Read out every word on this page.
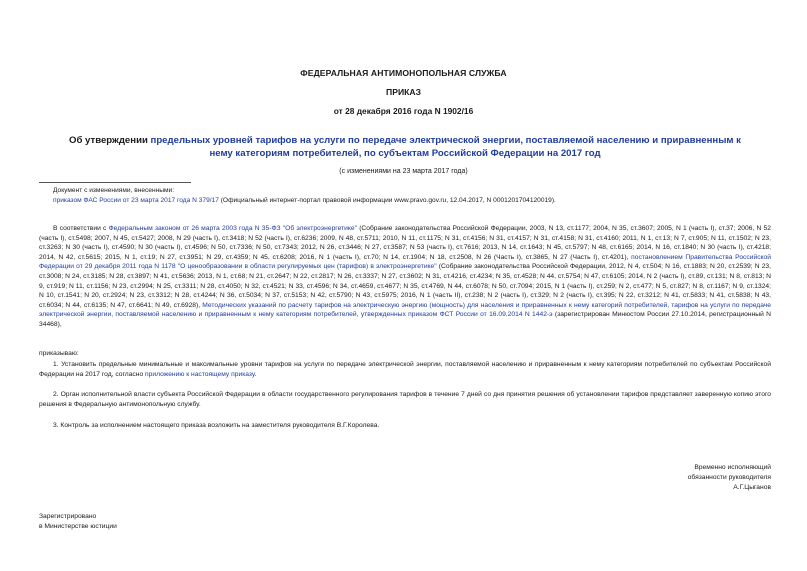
ФЕДЕРАЛЬНАЯ АНТИМОНОПОЛЬНАЯ СЛУЖБА
ПРИКАЗ
от 28 декабря 2016 года N 1902/16
Об утверждении предельных уровней тарифов на услуги по передаче электрической энергии, поставляемой населению и приравненным к нему категориям потребителей, по субъектам Российской Федерации на 2017 год
(с изменениями на 23 марта 2017 года)
Документ с изменениями, внесенными:
приказом ФАС России от 23 марта 2017 года N 379/17 (Официальный интернет-портал правовой информации www.pravo.gov.ru, 12.04.2017, N 0001201704120019).
В соответствии с Федеральным законом от 26 марта 2003 года N 35-ФЗ "Об электроэнергетике" (Собрание законодательства Российской Федерации, 2003, N 13, ст.1177; 2004, N 35, ст.3607; 2005, N 1 (часть I), ст.37; 2006, N 52 (часть I), ст.5498; 2007, N 45, ст.5427; 2008, N 29 (часть I), ст.3418; N 52 (часть I), ст.6236; 2009, N 48, ст.5711; 2010, N 11, ст.1175; N 31, ст.4156; N 31, ст.4157; N 31, ст.4158; N 31, ст.4160; 2011, N 1, ст.13; N 7, ст.905; N 11, ст.1502; N 23, ст.3263; N 30 (часть I), ст.4590; N 30 (часть I), ст.4596; N 50, ст.7336; N 50, ст.7343; 2012, N 26, ст.3446; N 27, ст.3587; N 53 (часть I), ст.7616; 2013, N 14, ст.1643; N 45, ст.5797; N 48, ст.6165; 2014, N 16, ст.1840; N 30 (часть I), ст.4218; 2014, N 42, ст.5615; 2015, N 1, ст.19; N 27, ст.3951; N 29, ст.4359; N 45, ст.6208; 2016, N 1 (часть I), ст.70; N 14, ст.1904; N 18, ст.2508, N 26 (Часть I), ст.3865, N 27 (Часть I), ст.4201), постановлением Правительства Российской Федерации от 29 декабря 2011 года N 1178 "О ценообразовании в области регулируемых цен (тарифов) в электроэнергетике" (Собрание законодательства Российской Федерации, 2012, N 4, ст.504; N 16, ст.1883; N 20, ст.2539; N 23, ст.3008; N 24, ст.3185; N 28, ст.3897; N 41, ст.5636; 2013, N 1, ст.68; N 21, ст.2647; N 22, ст.2817; N 26, ст.3337; N 27, ст.3602; N 31, ст.4216, ст.4234; N 35, ст.4528; N 44, ст.5754; N 47, ст.6105; 2014, N 2 (часть I), ст.89, ст.131; N 8, ст.813; N 9, ст.919; N 11, ст.1156; N 23, ст.2994; N 25, ст.3311; N 28, ст.4050; N 32, ст.4521; N 33, ст.4596; N 34, ст.4659, ст.4677; N 35, ст.4769, N 44, ст.6078; N 50, ст.7094; 2015, N 1 (часть I), ст.259; N 2, ст.477; N 5, ст.827; N 8, ст.1167; N 9, ст.1324; N 10, ст.1541; N 20, ст.2924; N 23, ст.3312; N 28, ст.4244; N 36, ст.5034; N 37, ст.5153; N 42, ст.5790; N 43, ст.5975; 2016, N 1 (часть II), ст.238; N 2 (часть I), ст.329; N 2 (часть I), ст.395; N 22, ст.3212; N 41, ст.5833; N 41, ст.5838; N 43, ст.6034; N 44, ст.6135; N 47, ст.6641; N 49, ст.6928), Методических указаний по расчету тарифов на электрическую энергию (мощность) для населения и приравненных к нему категорий потребителей, тарифов на услуги по передаче электрической энергии, поставляемой населению и приравненным к нему категориям потребителей, утвержденных приказом ФСТ России от 16.09.2014 N 1442-э (зарегистрирован Минюстом России 27.10.2014, регистрационный N 34468),
приказываю:
1. Установить предельные минимальные и максимальные уровни тарифов на услуги по передаче электрической энергии, поставляемой населению и приравненным к нему категориям потребителей по субъектам Российской Федерации на 2017 год, согласно приложению к настоящему приказу.
2. Орган исполнительной власти субъекта Российской Федерации в области государственного регулирования тарифов в течение 7 дней со дня принятия решения об установлении тарифов представляет заверенную копию этого решения в Федеральную антимонопольную службу.
3. Контроль за исполнением настоящего приказа возложить на заместителя руководителя В.Г.Королева.
Временно исполняющий
обязанности руководителя
А.Г.Цыганов
Зарегистрировано
в Министерстве юстиции
